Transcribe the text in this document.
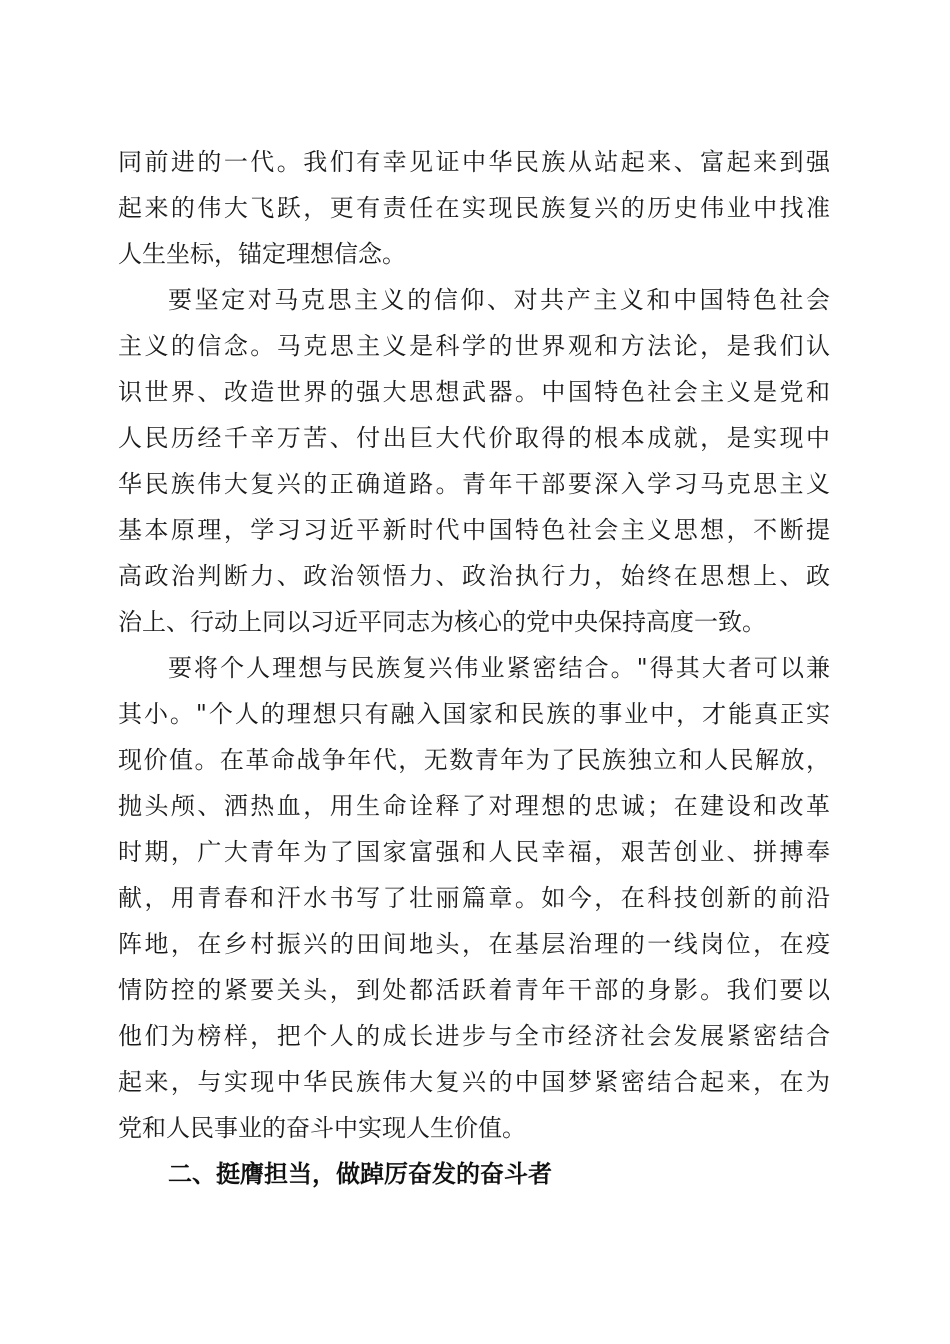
同前进的一代。我们有幸见证中华民族从站起来、富起来到强
起来的伟大飞跃，更有责任在实现民族复兴的历史伟业中找准
人生坐标，锚定理想信念。
要坚定对马克思主义的信仰、对共产主义和中国特色社会
主义的信念。马克思主义是科学的世界观和方法论，是我们认
识世界、改造世界的强大思想武器。中国特色社会主义是党和
人民历经千辛万苦、付出巨大代价取得的根本成就，是实现中
华民族伟大复兴的正确道路。青年干部要深入学习马克思主义
基本原理，学习习近平新时代中国特色社会主义思想，不断提
高政治判断力、政治领悟力、政治执行力，始终在思想上、政
治上、行动上同以习近平同志为核心的党中央保持高度一致。
要将个人理想与民族复兴伟业紧密结合。"得其大者可以兼
其小。"个人的理想只有融入国家和民族的事业中，才能真正实
现价值。在革命战争年代，无数青年为了民族独立和人民解放，
抛头颅、洒热血，用生命诠释了对理想的忠诚；在建设和改革
时期，广大青年为了国家富强和人民幸福，艰苦创业、拼搏奉
献，用青春和汗水书写了壮丽篇章。如今，在科技创新的前沿
阵地，在乡村振兴的田间地头，在基层治理的一线岗位，在疫
情防控的紧要关头，到处都活跃着青年干部的身影。我们要以
他们为榜样，把个人的成长进步与全市经济社会发展紧密结合
起来，与实现中华民族伟大复兴的中国梦紧密结合起来，在为
党和人民事业的奋斗中实现人生价值。
二、挺膺担当，做踔厉奋发的奋斗者
